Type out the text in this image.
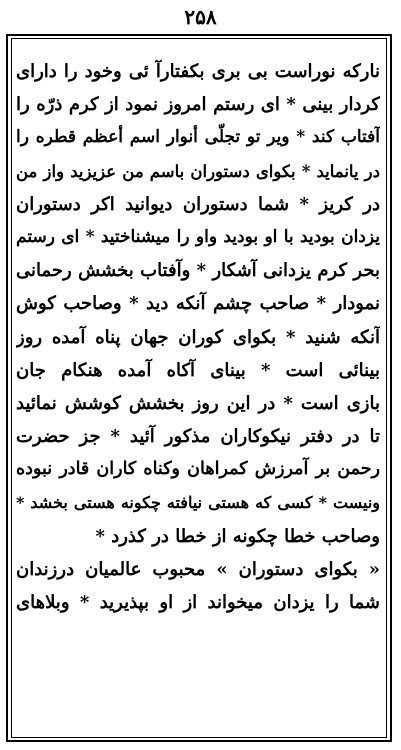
۲۵۸
نارکه نوراست بی بری بکفتارآ ئی وخود را دارای
کردار بینی * ای رستم امروز نمود از کرم ذرّه را
آفتاب کند * ویر تو تجلّی أنوار اسم أعظم قطره را
در یانماید * بکوای دستوران باسم من عزیزید واز من
در کریز * شما دستوران دیوانید اکر دستوران
یزدان بودید با او بودید واو را میشناختید * ای رستم
بحر کرم یزدانی آشکار * وآفتاب بخشش رحمانی
نمودار * صاحب چشم آنکه دید * وصاحب کوش
آنکه شنید * بکوای کوران جهان پناه آمده روز
بینائی است * بینای آکاه آمده هنکام جان
بازی است * در این روز بخشش کوشش نمائید
تا در دفتر نیکوکاران مذکور آئید * جز حضرت
رحمن بر آمرزش کمراهان وکناه کاران قادر نبوده
ونیست * کسی که هستی نیافته چکونه هستی بخشد *
وصاحب خطا چکونه از خطا در کذرد *
« بکوای دستوران » محبوب عالمیان درزندان
شما را یزدان میخواند از او بپذیرید * وبلاهای
